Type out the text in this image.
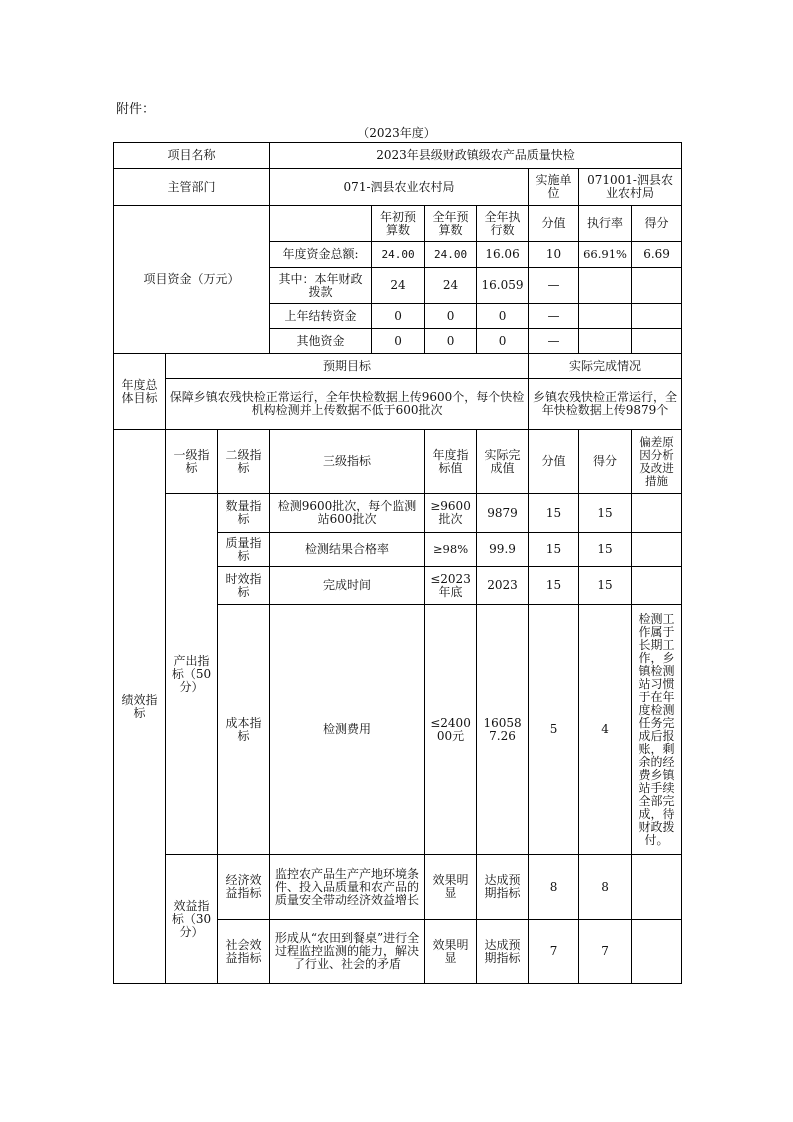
附件：
（2023年度）
项目名称			2023年县级财政镇级农产品质量快检						
主管部门			071-泗县农业农村局				实施单位	071001-泗县农业农村局	
项目资金（万元）				年初预算数	全年预算数	全年执行数	分值	执行率	得分
			年度资金总额:	24.00	24.00	16.06	10	66.91%	6.69
			其中：本年财政拨款	24	24	16.059	—		
			上年结转资金	0	0	0	—		
			其他资金	0	0	0	—		
年度总体目标	预期目标						实际完成情况		
	保障乡镇农残快检正常运行，全年快检数据上传9600个，每个快检机构检测并上传数据不低于600批次						乡镇农残快检正常运行，全年快检数据上传9879个		
绩效指标	一级指标	二级指标	三级指标		年度指标值	实际完成值	分值	得分	偏差原因分析及改进措施
	产出指标（50分）	数量指标	检测9600批次，每个监测站600批次		≥9600批次	9879	15	15	
		质量指标	检测结果合格率		≥98%	99.9	15	15	
		时效指标	完成时间		≤2023年底	2023	15	15	
		成本指标	检测费用		≤240000元	160587.26	5	4	检测工作属于长期工作，乡镇检测站习惯于在年度检测任务完成后报账，剩余的经费乡镇站手续全部完成，待财政拨付。
	效益指标（30分）	经济效益指标	监控农产品生产产地环境条件、投入品质量和农产品的质量安全带动经济效益增长		效果明显	达成预期指标	8	8	
		社会效益指标	形成从“农田到餐桌”进行全过程监控监测的能力，解决了行业、社会的矛盾		效果明显	达成预期指标	7	7	
